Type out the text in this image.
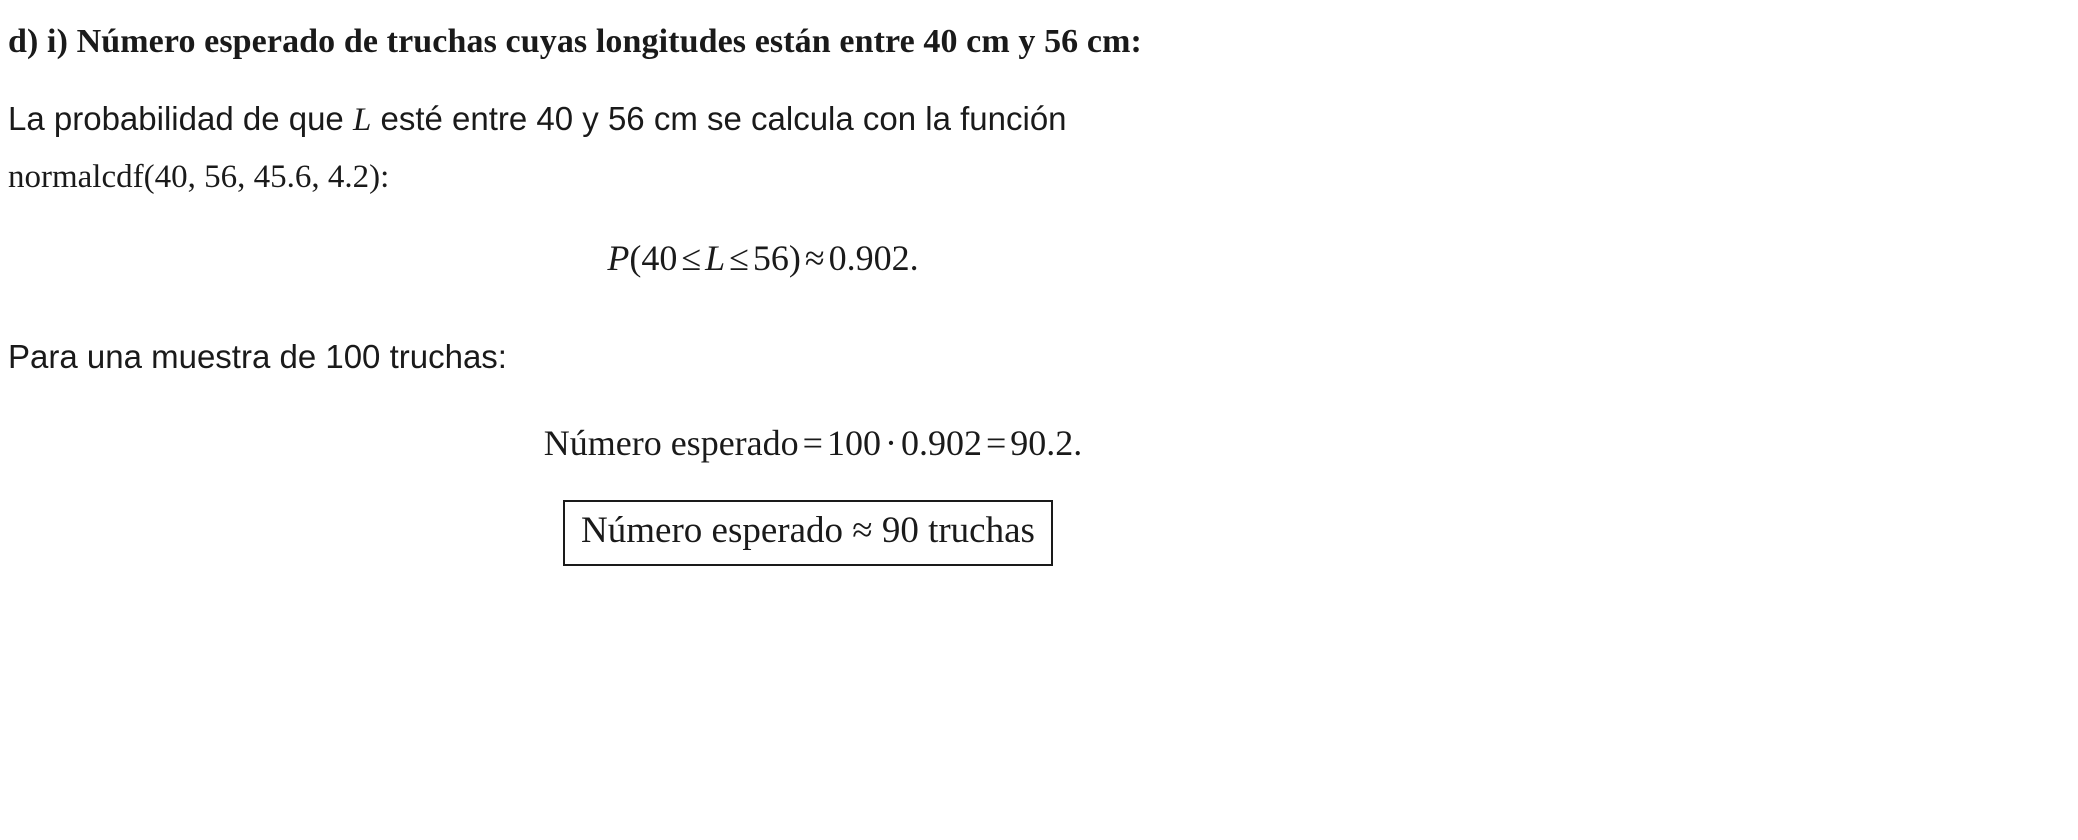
d) i) Número esperado de truchas cuyas longitudes están entre 40 cm y 56 cm:

La probabilidad de que L esté entre 40 y 56 cm se calcula con la función

normalcdf(40, 56, 45.6, 4.2):

P(40 ≤ L ≤ 56) ≈ 0.902.

Para una muestra de 100 truchas:

Número esperado = 100 · 0.902 = 90.2.
Número esperado ≈ 90 truchas
